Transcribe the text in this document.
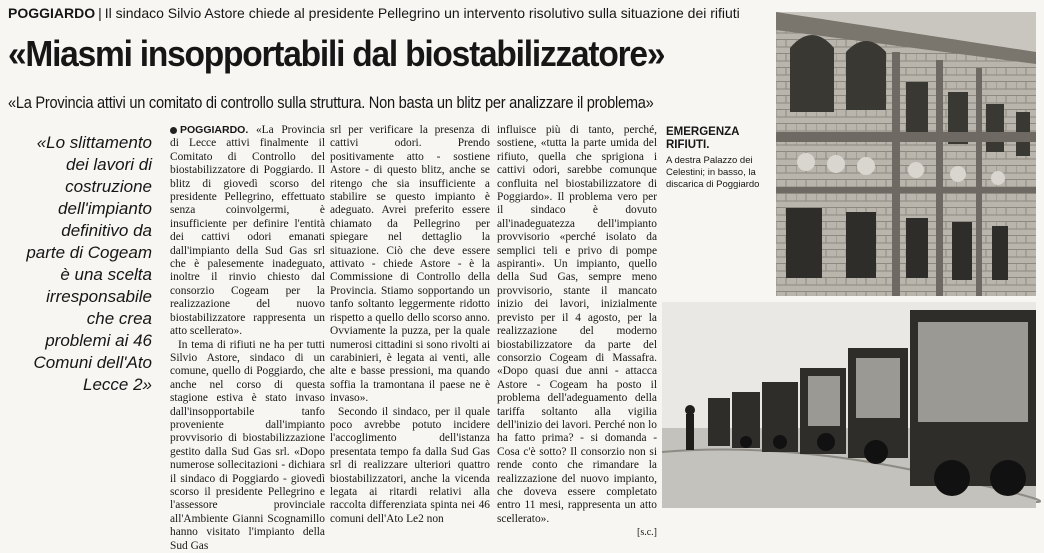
POGGIARDO | Il sindaco Silvio Astore chiede al presidente Pellegrino un intervento risolutivo sulla situazione dei rifiuti
«Miasmi insopportabili dal biostabilizzatore»
«La Provincia attivi un comitato di controllo sulla struttura. Non basta un blitz per analizzare il problema»
«Lo slittamento dei lavori di costruzione dell'impianto definitivo da parte di Cogeam è una scelta irresponsabile che crea problemi ai 46 Comuni dell'Ato Lecce 2»

POGGIARDO. «La Provincia di Lecce attivi finalmente il Comitato di Controllo del biostabilizzatore di Poggiardo. Il blitz di giovedì scorso del presidente Pellegrino, effettuato senza coinvolgermi, è insufficiente per definire l'entità dei cattivi odori emanati dall'impianto della Sud Gas srl che è palesemente inadeguato, inoltre il rinvio chiesto dal consorzio Cogeam per la realizzazione del nuovo biostabilizzatore rappresenta un atto scellerato».

In tema di rifiuti ne ha per tutti Silvio Astore, sindaco di un comune, quello di Poggiardo, che anche nel corso di questa stagione estiva è stato invaso dall'insopportabile tanfo proveniente dall'impianto provvisorio di biostabilizzazione gestito dalla Sud Gas srl. «Dopo numerose sollecitazioni - dichiara il sindaco di Poggiardo - giovedì scorso il presidente Pellegrino e l'assessore provinciale all'Ambiente Gianni Scognamillo hanno visitato l'impianto della Sud Gas

srl per verificare la presenza di cattivi odori. Prendo positivamente atto - sostiene Astore - di questo blitz, anche se ritengo che sia insufficiente a stabilire se questo impianto è adeguato. Avrei preferito essere chiamato da Pellegrino per spiegare nel dettaglio la situazione. Ciò che deve essere attivato - chiede Astore - è la Commissione di Controllo della Provincia. Stiamo sopportando un tanfo soltanto leggermente ridotto rispetto a quello dello scorso anno. Ovviamente la puzza, per la quale numerosi cittadini si sono rivolti ai carabinieri, è legata ai venti, alle alte e basse pressioni, ma quando soffia la tramontana il paese ne è invaso».

Secondo il sindaco, per il quale poco avrebbe potuto incidere l'accoglimento dell'istanza presentata tempo fa dalla Sud Gas srl di realizzare ulteriori quattro biostabilizzatori, anche la vicenda legata ai ritardi relativi alla raccolta differenziata spinta nei 46 comuni dell'Ato Le2 non

influisce più di tanto, perché, sostiene, «tutta la parte umida del rifiuto, quella che sprigiona i cattivi odori, sarebbe comunque confluita nel biostabilizzatore di Poggiardo». Il problema vero per il sindaco è dovuto all'inadeguatezza dell'impianto provvisorio «perché isolato da semplici teli e privo di pompe aspiranti». Un impianto, quello della Sud Gas, sempre meno provvisorio, stante il mancato inizio dei lavori, inizialmente previsto per il 4 agosto, per la realizzazione del moderno biostabilizzatore da parte del consorzio Cogeam di Massafra. «Dopo quasi due anni - attacca Astore - Cogeam ha posto il problema dell'adeguamento della tariffa soltanto alla vigilia dell'inizio dei lavori. Perché non lo ha fatto prima? - si domanda - Cosa c'è sotto? Il consorzio non si rende conto che rimandare la realizzazione del nuovo impianto, che doveva essere completato entro 11 mesi, rappresenta un atto scellerato».

[s.c.]
EMERGENZA RIFIUTI.
A destra Palazzo dei Celestini; in basso, la discarica di Poggiardo
